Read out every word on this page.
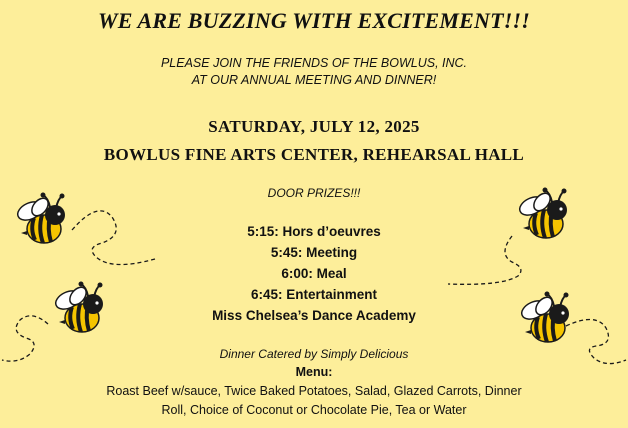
WE ARE BUZZING WITH EXCITEMENT!!!
PLEASE JOIN THE FRIENDS OF THE BOWLUS, INC.
AT OUR ANNUAL MEETING AND DINNER!
SATURDAY, JULY 12, 2025
BOWLUS FINE ARTS CENTER, REHEARSAL HALL
DOOR PRIZES!!!
5:15: Hors d’oeuvres
5:45: Meeting
6:00: Meal
6:45: Entertainment
Miss Chelsea’s Dance Academy
Dinner Catered by Simply Delicious
Menu:
Roast Beef w/sauce, Twice Baked Potatoes, Salad, Glazed Carrots, Dinner
Roll, Choice of Coconut or Chocolate Pie, Tea or Water
